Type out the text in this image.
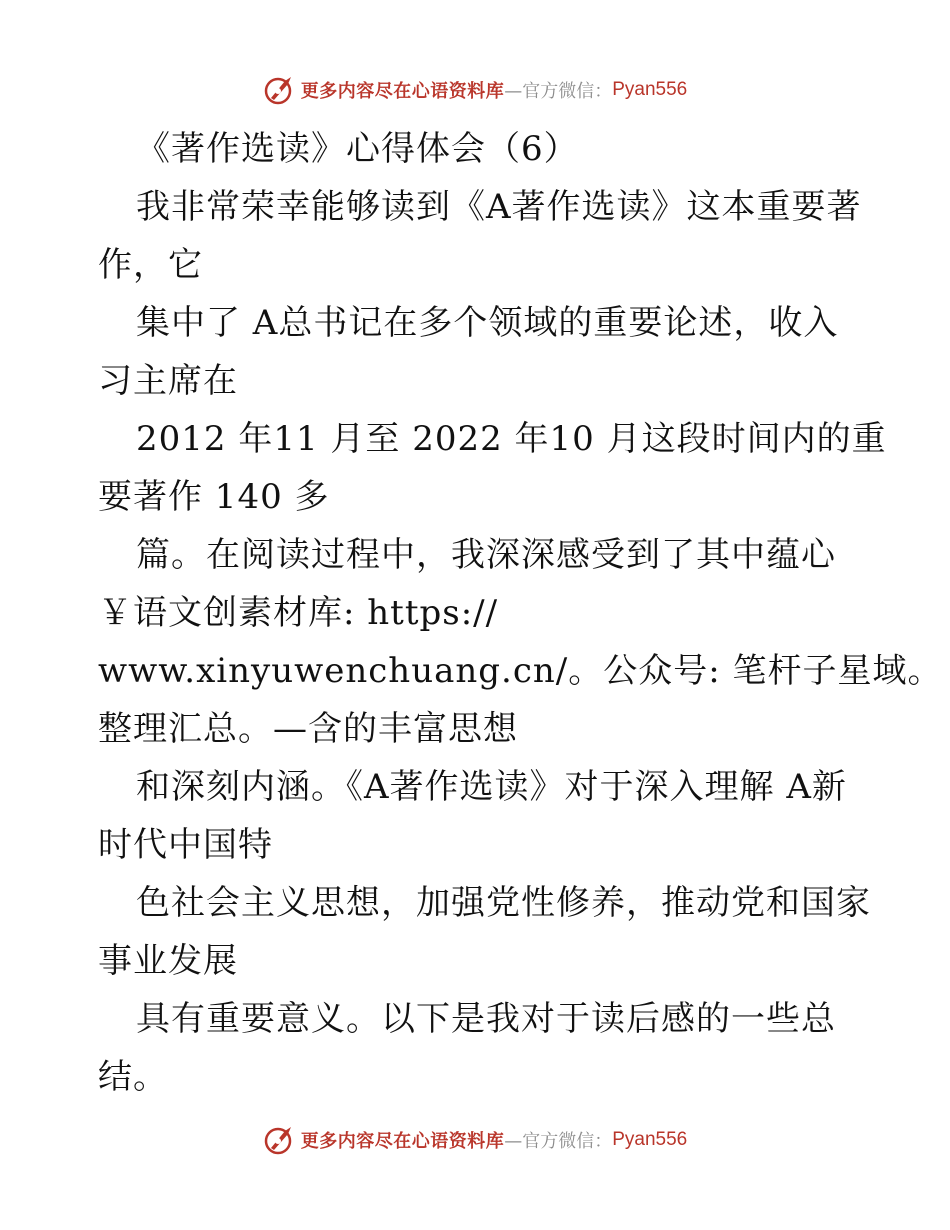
更多内容尽在心语资料库 —官方微信： Pyan556
《著作选读》心得体会（6）
我非常荣幸能够读到《A著作选读》这本重要著
作，它
集中了 A总书记在多个领域的重要论述，收入
习主席在
2012 年11 月至 2022 年10 月这段时间内的重
要著作 140 多
篇。在阅读过程中，我深深感受到了其中蕴心
￥语文创素材库: https://
www.xinyuwenchuang.cn/。公众号: 笔杆子星域。
整理汇总。—含的丰富思想
和深刻内涵。《A著作选读》对于深入理解 A新
时代中国特
色社会主义思想，加强党性修养，推动党和国家
事业发展
具有重要意义。以下是我对于读后感的一些总
结。
更多内容尽在心语资料库 —官方微信： Pyan556
